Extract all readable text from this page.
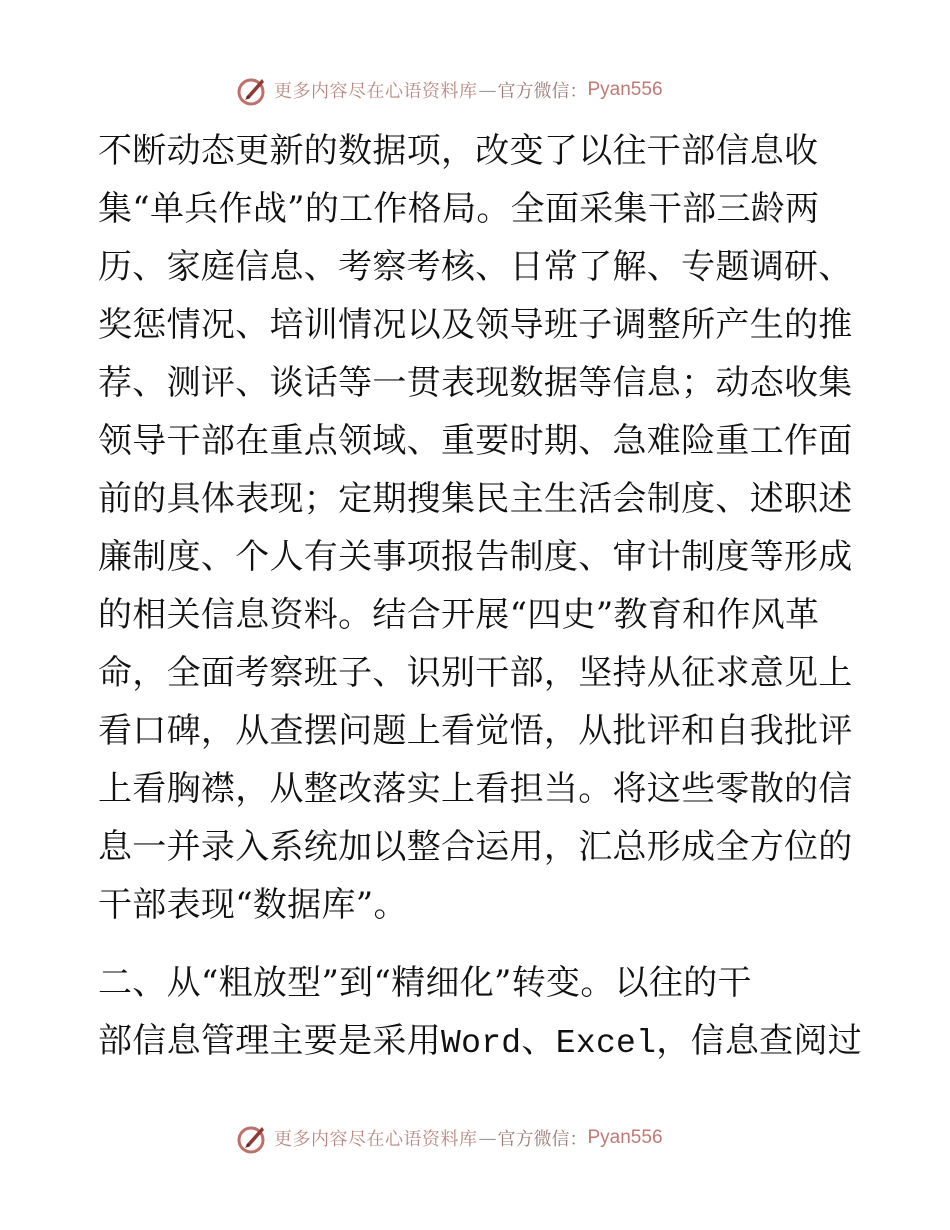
更多内容尽在心语资料库 — 官方微信： Pyan556
不断动态更新的数据项，改变了以往干部信息收
集“单兵作战”的工作格局。全面采集干部三龄两
历、家庭信息、考察考核、日常了解、专题调研、
奖惩情况、培训情况以及领导班子调整所产生的推
荐、测评、谈话等一贯表现数据等信息；动态收集
领导干部在重点领域、重要时期、急难险重工作面
前的具体表现；定期搜集民主生活会制度、述职述
廉制度、个人有关事项报告制度、审计制度等形成
的相关信息资料。结合开展“四史”教育和作风革
命，全面考察班子、识别干部，坚持从征求意见上
看口碑，从查摆问题上看觉悟，从批评和自我批评
上看胸襟，从整改落实上看担当。将这些零散的信
息一并录入系统加以整合运用，汇总形成全方位的
干部表现“数据库”。
二、从“粗放型”到“精细化”转变。以往的干
部信息管理主要是采用Word、Excel，信息查阅过
更多内容尽在心语资料库 — 官方微信： Pyan556
